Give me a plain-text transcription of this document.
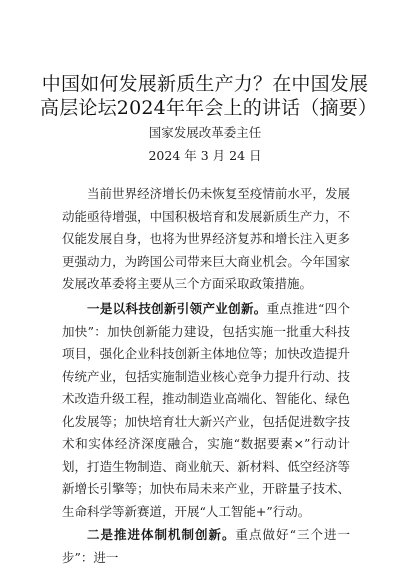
中国如何发展新质生产力？在中国发展高层论坛2024年年会上的讲话（摘要）
国家发展改革委主任
2024 年 3 月 24 日

当前世界经济增长仍未恢复至疫情前水平，发展动能亟待增强，中国积极培育和发展新质生产力，不仅能发展自身，也将为世界经济复苏和增长注入更多更强动力，为跨国公司带来巨大商业机会。今年国家发展改革委将主要从三个方面采取政策措施。

一是以科技创新引领产业创新。重点推进“四个加快”：加快创新能力建设，包括实施一批重大科技项目，强化企业科技创新主体地位等；加快改造提升传统产业，包括实施制造业核心竞争力提升行动、技术改造升级工程，推动制造业高端化、智能化、绿色化发展等；加快培育壮大新兴产业，包括促进数字技术和实体经济深度融合，实施“数据要素×”行动计划，打造生物制造、商业航天、新材料、低空经济等新增长引擎等；加快布局未来产业，开辟量子技术、生命科学等新赛道，开展“人工智能+”行动。

二是推进体制机制创新。重点做好“三个进一步”：进一
